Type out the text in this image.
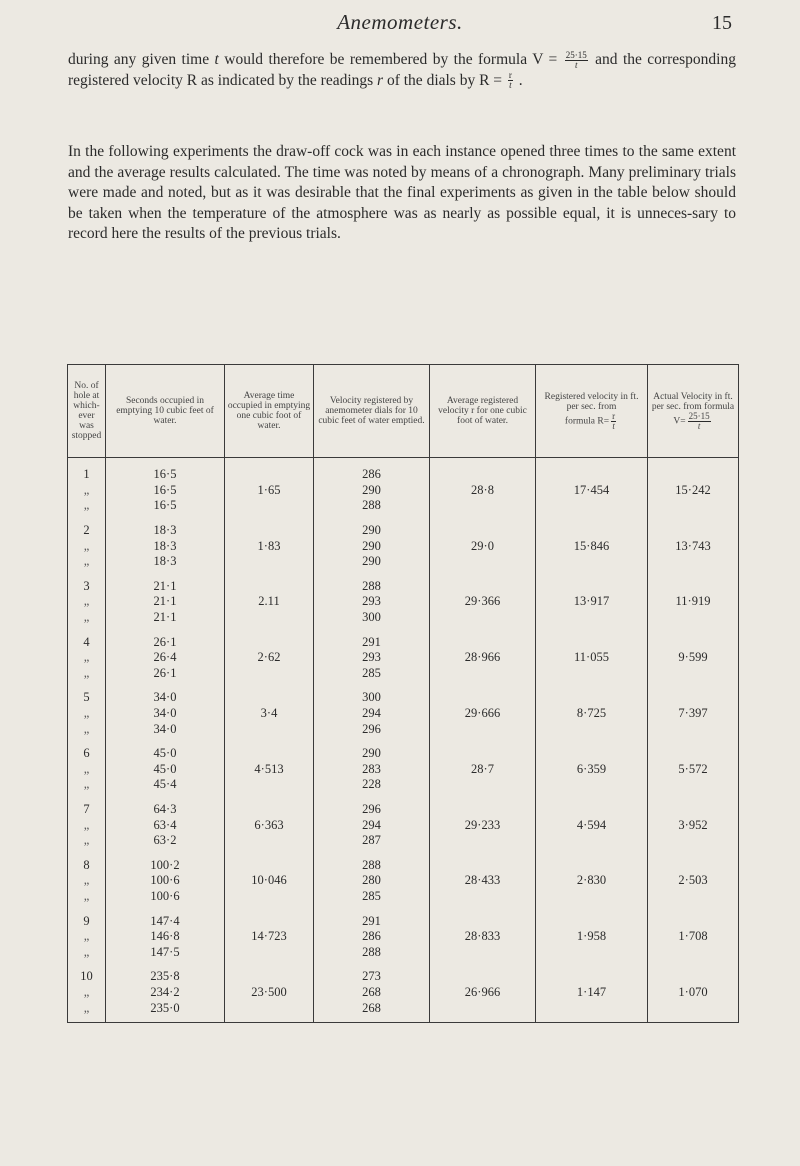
Anemometers.	15

during any given time t would therefore be remembered by the formula $V = \frac{25\cdot 15}{t}$ and the corresponding registered velocity R as indicated by the readings r of the dials by $R = \frac{r}{t}$ .

In the following experiments the draw-off cock was in each instance opened three times to the same extent and the average results calculated. The time was noted by means of a chronograph. Many preliminary trials were made and noted, but as it was desirable that the final experiments as given in the table below should be taken when the temperature of the atmosphere was as nearly as possible equal, it is unneces-sary to record here the results of the previous trials.

No. of hole at which-ever was stopped	Seconds occupied in emptying 10 cubic feet of water.	Average time occupied in emptying one cubic foot of water.	Velocity registered by anemometer dials for 10 cubic feet of water emptied.	Average registered velocity r for one cubic foot of water.	Registered velocity in ft. per sec. from
formula $R= \frac{r}{t}$	Actual Velocity in ft. per sec. from formula
$V= \frac{25\cdot 15}{t}$

1	16·5		286			
„	16·5	1·65	290	28·8	17·454	15·242
„	16·5		288			
2	18·3		290			
„	18·3	1·83	290	29·0	15·846	13·743
„	18·3		290			
3	21·1		288			
„	21·1	2.11	293	29·366	13·917	11·919
„	21·1		300			
4	26·1		291			
„	26·4	2·62	293	28·966	11·055	9·599
„	26·1		285			
5	34·0		300			
„	34·0	3·4	294	29·666	8·725	7·397
„	34·0		296			
6	45·0		290			
„	45·0	4·513	283	28·7	6·359	5·572
„	45·4		228			
7	64·3		296			
„	63·4	6·363	294	29·233	4·594	3·952
„	63·2		287			
8	100·2		288			
„	100·6	10·046	280	28·433	2·830	2·503
„	100·6		285			
9	147·4		291			
„	146·8	14·723	286	28·833	1·958	1·708
„	147·5		288			
10	235·8		273			
„	234·2	23·500	268	26·966	1·147	1·070
„	235·0		268			
